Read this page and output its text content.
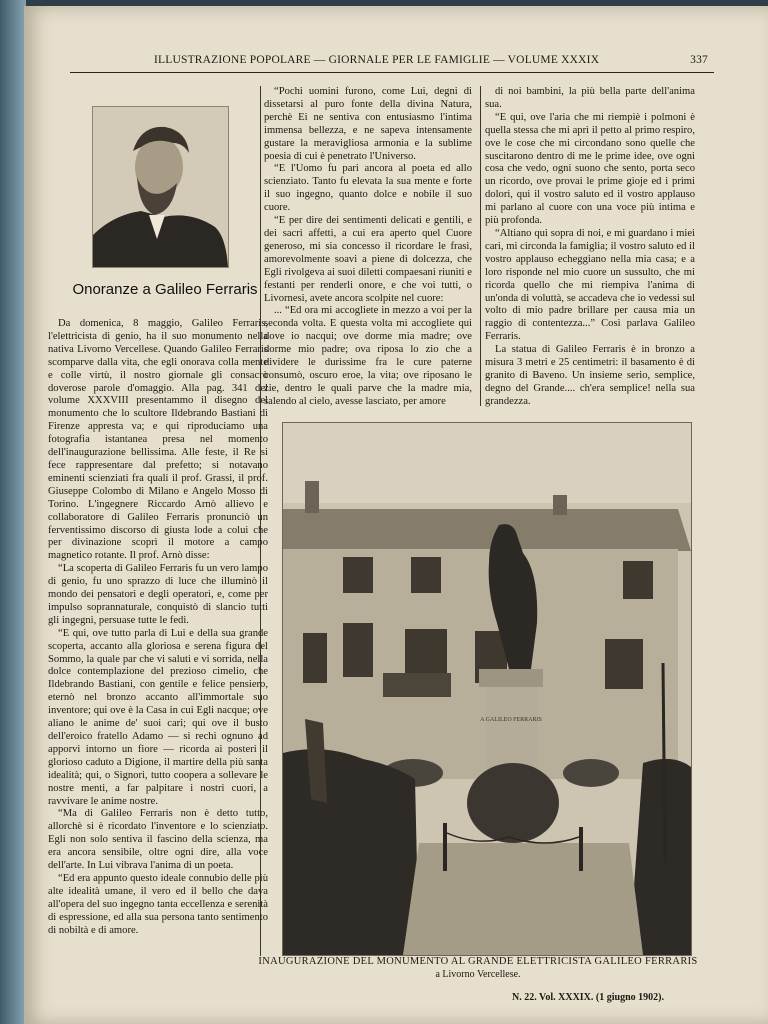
ILLUSTRAZIONE POPOLARE — GIORNALE PER LE FAMIGLIE — VOLUME XXXIX	337
Onoranze a Galileo Ferraris

Da domenica, 8 maggio, Galileo Ferraris, l'elettricista di genio, ha il suo monumento nella nativa Livorno Vercellese. Quando Galileo Ferraris scomparve dalla vita, che egli onorava colla mente e colle virtù, il nostro giornale gli consacrò doverose parole d'omaggio. Alla pag. 341 del volume XXXVIII presentammo il disegno del monumento che lo scultore Ildebrando Bastiani di Firenze appresta va; e qui riproduciamo una fotografia istantanea presa nel momento dell'inaugurazione bellissima. Alle feste, il Re si fece rappresentare dal prefetto; si notavano eminenti scienziati fra quali il prof. Grassi, il prof. Giuseppe Colombo di Milano e Angelo Mosso di Torino. L'ingegnere Riccardo Arnò allievo e collaboratore di Galileo Ferraris pronunciò un ferventissimo discorso di giusta lode a colui che per divinazione scoprì il motore a campo magnetico rotante. Il prof. Arnò disse:

“La scoperta di Galileo Ferraris fu un vero lampo di genio, fu uno sprazzo di luce che illuminò il mondo dei pensatori e degli operatori, e, come per impulso soprannaturale, conquistò di slancio tutti gli ingegni, persuase tutte le fedi.

“E qui, ove tutto parla di Lui e della sua grande scoperta, accanto alla gloriosa e serena figura del Sommo, la quale par che vi saluti e vi sorrida, nella dolce contemplazione del prezioso cimelio, che Ildebrando Bastiani, con gentile e felice pensiero, eternò nel bronzo accanto all'immortale suo inventore; qui ove è la Casa in cui Egli nacque; ove aliano le anime de' suoi cari; qui ove il busto dell'eroico fratello Adamo — si rechi ognuno ad apporvi intorno un fiore — ricorda ai posteri il glorioso caduto a Digione, il martire della più santa idealità; qui, o Signori, tutto coopera a sollevare le nostre menti, a far palpitare i nostri cuori, a ravvivare le anime nostre.

“Ma di Galileo Ferraris non è detto tutto, allorchè si è ricordato l'inventore e lo scienziato. Egli non solo sentiva il fascino della scienza, ma era ancora sensibile, oltre ogni dire, alla voce dell'arte. In Lui vibrava l'anima di un poeta.

“Ed era appunto questo ideale connubio delle più alte idealità umane, il vero ed il bello che dava all'opera del suo ingegno tanta eccellenza e serenità di espressione, ed alla sua persona tanto sentimento di nobiltà e di amore.

“Pochi uomini furono, come Lui, degni di dissetarsi al puro fonte della divina Natura, perchè Ei ne sentiva con entusiasmo l'intima immensa bellezza, e ne sapeva intensamente gustare la meravigliosa armonia e la sublime poesia di cui è penetrato l'Universo.

“E l'Uomo fu pari ancora al poeta ed allo scienziato. Tanto fu elevata la sua mente e forte il suo ingegno, quanto dolce e nobile il suo cuore.

“E per dire dei sentimenti delicati e gentili, e dei sacri affetti, a cui era aperto quel Cuore generoso, mi sia concesso il ricordare le frasi, amorevolmente soavi a piene di dolcezza, che Egli rivolgeva ai suoi diletti compaesani riuniti e festanti per renderli onore, e che voi tutti, o Livornesi, avete ancora scolpite nel cuore:

... “Ed ora mi accogliete in mezzo a voi per la seconda volta. E questa volta mi accogliete qui dove io nacqui; ove dorme mia madre; ove dorme mio padre; ova riposa lo zio che a dividere le durissime fra le cure paterne consumò, oscuro eroe, la vita; ove riposano le zie, dentro le quali parve che la madre mia, salendo al cielo, avesse lasciato, per amore

di noi bambini, la più bella parte dell'anima sua.

“E qui, ove l'aria che mi riempiè i polmoni è quella stessa che mi aprì il petto al primo respiro, ove le cose che mi circondano sono quelle che suscitarono dentro di me le prime idee, ove ogni cosa che vedo, ogni suono che sento, porta seco un ricordo, ove provai le prime gioje ed i primi dolori, qui il vostro saluto ed il vostro applauso mi parlano al cuore con una voce più intima e più profonda.

“Altiano qui sopra di noi, e mi guardano i miei cari, mi circonda la famiglia; il vostro saluto ed il vostro applauso echeggiano nella mia casa; e a loro risponde nel mio cuore un sussulto, che mi ricorda quello che mi riempiva l'anima di un'onda di voluttà, se accadeva che io vedessi sul volto di mio padre brillare per causa mia un raggio di contentezza...” Così parlava Galileo Ferraris.

La statua di Galileo Ferraris è in bronzo a misura 3 metri e 25 centimetri: il basamento è di granito di Baveno. Un insieme serio, semplice, degno del Grande.... ch'era semplice! nella sua grandezza.

A GALILEO FERRARIS
INAUGURAZIONE DEL MONUMENTO AL GRANDE ELETTRICISTA GALILEO FERRARIS
a Livorno Vercellese.
N. 22. Vol. XXXIX. (1 giugno 1902).
